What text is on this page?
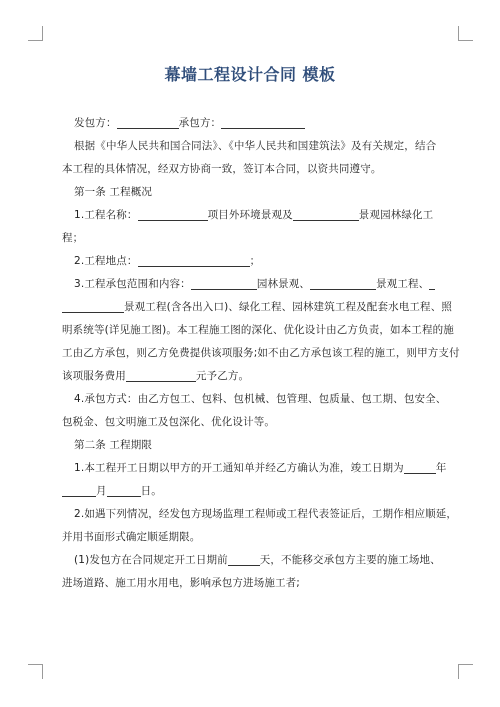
幕墙工程设计合同 模板

发包方：	承包方：

根据《中华人民共和国合同法》、《中华人民共和国建筑法》及有关规定，结合

本工程的具体情况，经双方协商一致，签订本合同，以资共同遵守。

第一条 工程概况

1.工程名称：	项目外环境景观及	景观园林绿化工

程；

2.工程地点：	；

3.工程承包范围和内容：	园林景观、	景观工程、

景观工程(含各出入口)、绿化工程、园林建筑工程及配套水电工程、照

明系统等(详见施工图)。本工程施工图的深化、优化设计由乙方负责，如本工程的施

工由乙方承包，则乙方免费提供该项服务;如不由乙方承包该工程的施工，则甲方支付

该项服务费用	元予乙方。

4.承包方式：由乙方包工、包料、包机械、包管理、包质量、包工期、包安全、

包税金、包文明施工及包深化、优化设计等。

第二条 工程期限

1.本工程开工日期以甲方的开工通知单并经乙方确认为准，竣工日期为	年

月	日。

2.如遇下列情况，经发包方现场监理工程师或工程代表签证后，工期作相应顺延，

并用书面形式确定顺延期限。

(1)发包方在合同规定开工日期前	天，不能移交承包方主要的施工场地、

进场道路、施工用水用电，影响承包方进场施工者;
